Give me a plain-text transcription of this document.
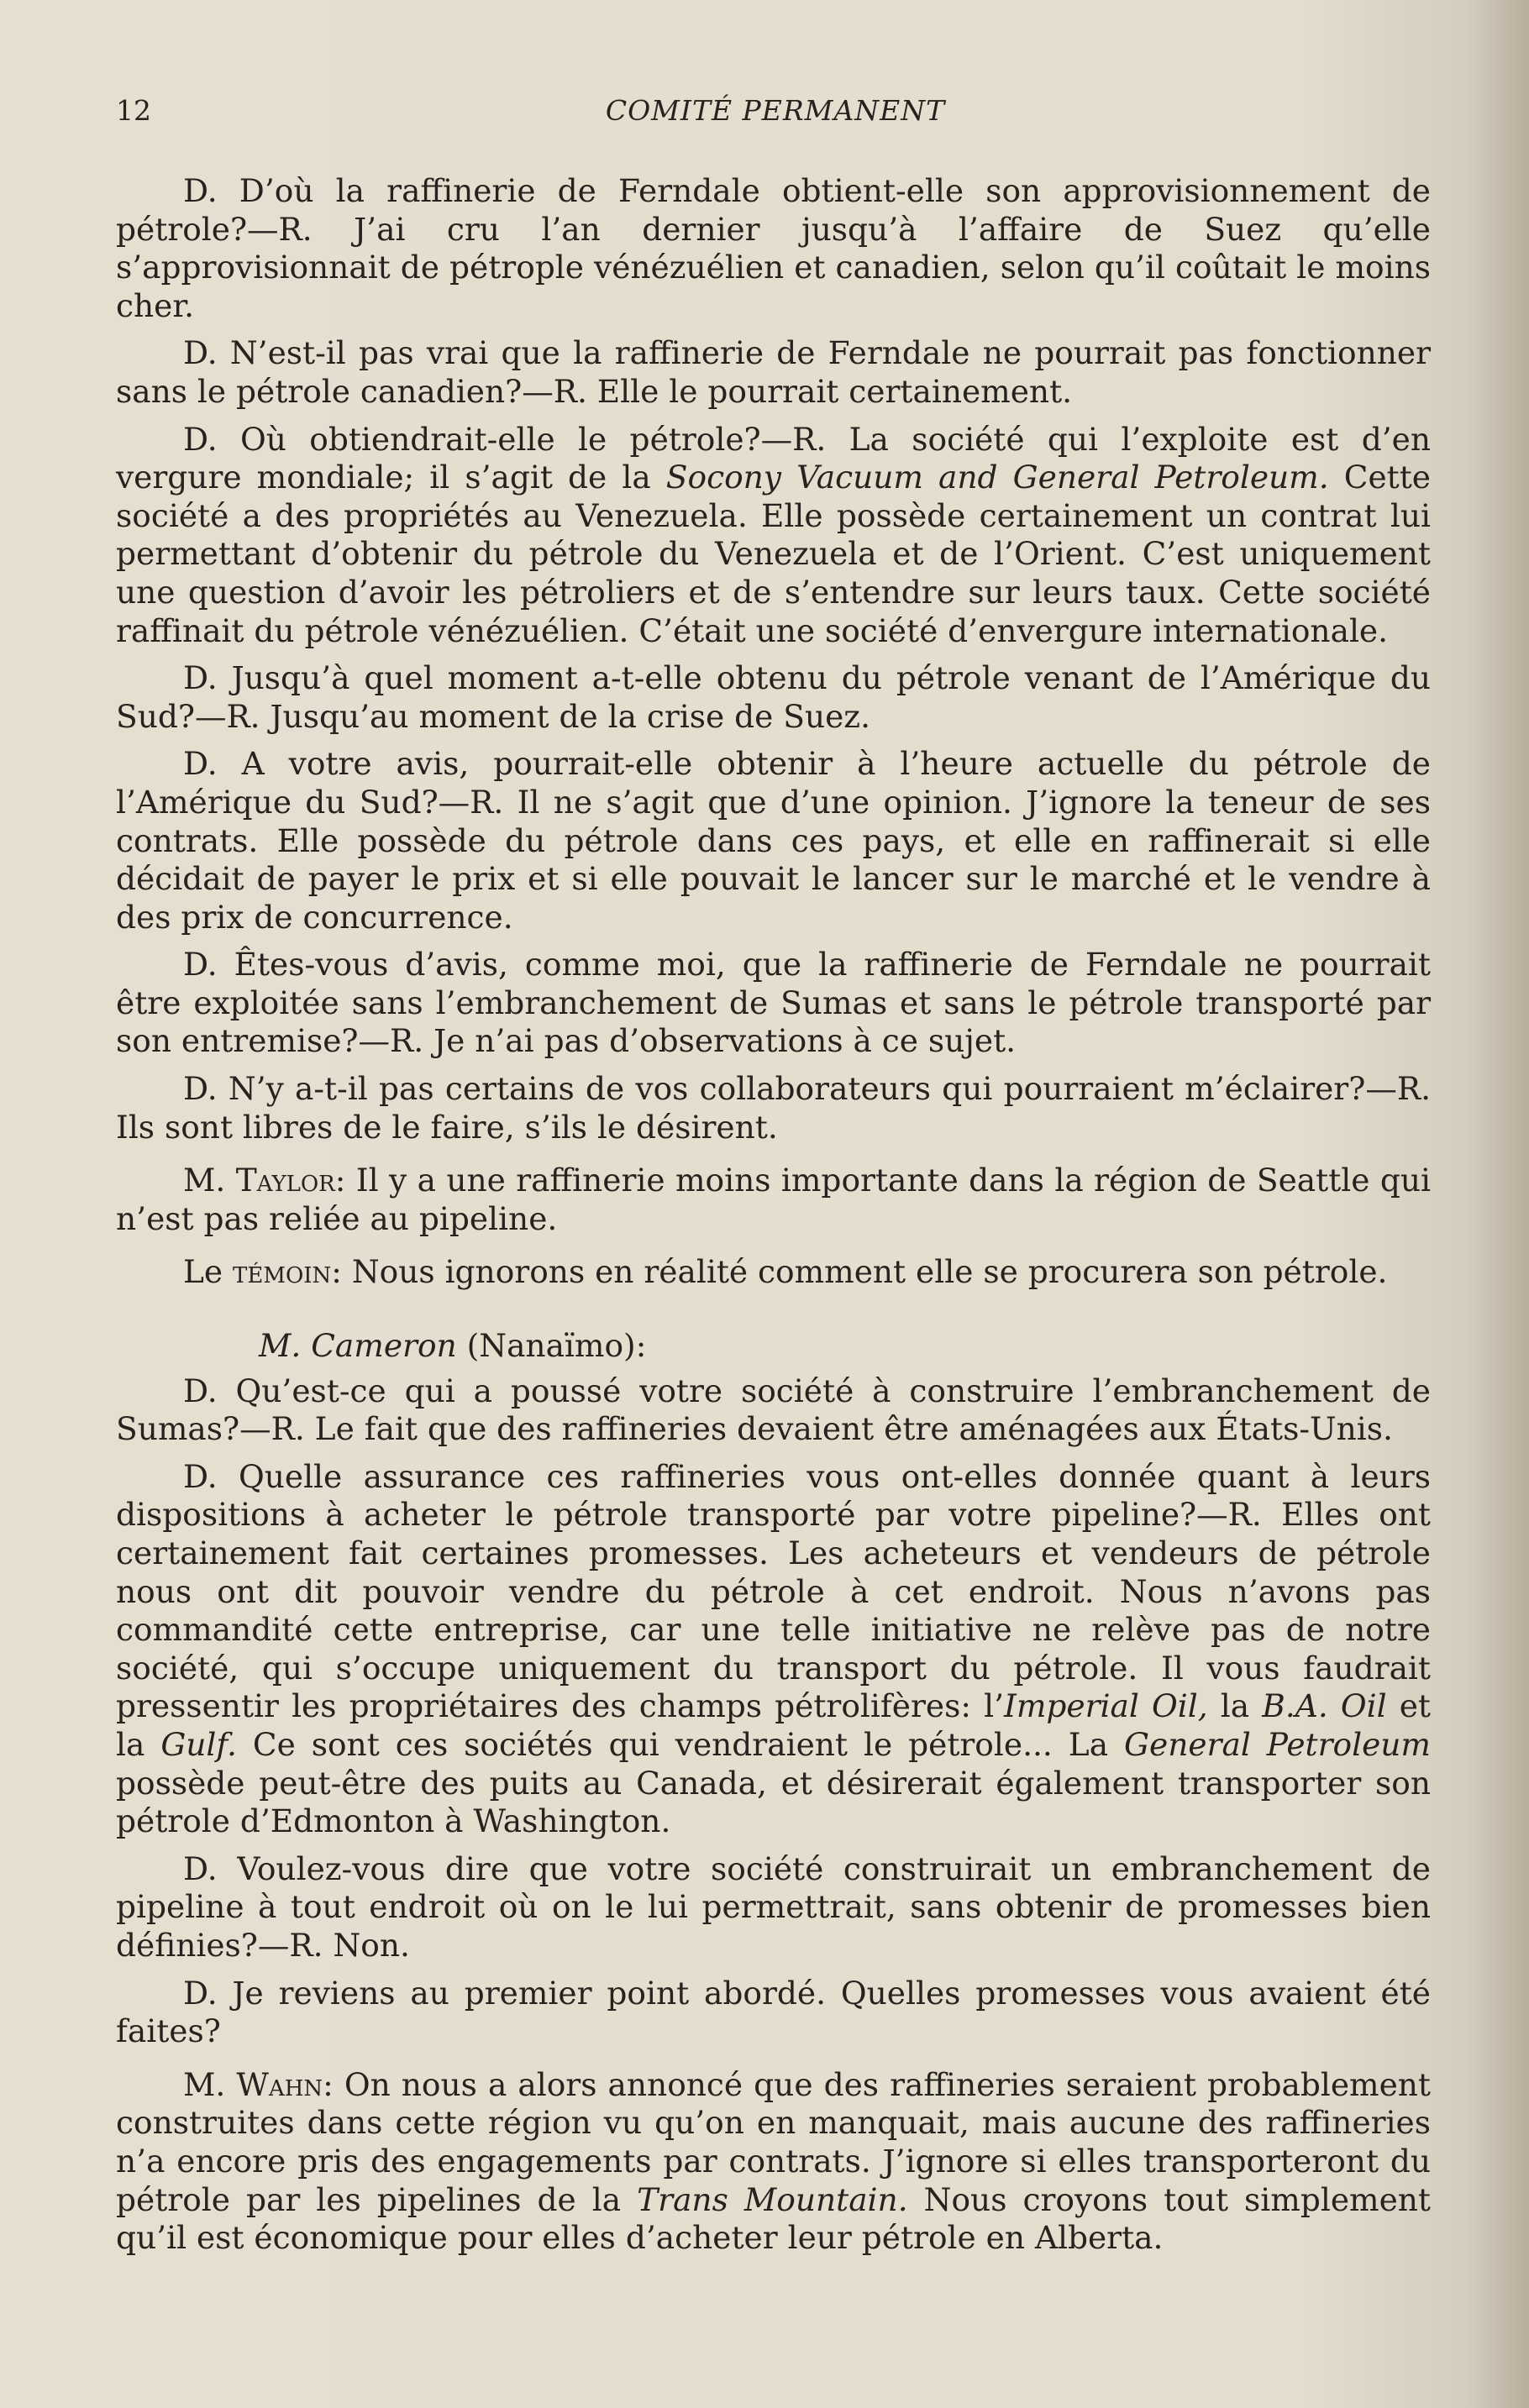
12	COMITÉ PERMANENT

D. D’où la raffinerie de Ferndale obtient-elle son approvisionnement de pétrole?—R. J’ai cru l’an dernier jusqu’à l’affaire de Suez qu’elle s’approvisionnait de pétrople vénézuélien et canadien, selon qu’il coûtait le moins cher.

D. N’est-il pas vrai que la raffinerie de Ferndale ne pourrait pas fonctionner sans le pétrole canadien?—R. Elle le pourrait certainement.

D. Où obtiendrait-elle le pétrole?—R. La société qui l’exploite est d’en vergure mondiale; il s’agit de la Socony Vacuum and General Petroleum. Cette société a des propriétés au Venezuela. Elle possède certainement un contrat lui permettant d’obtenir du pétrole du Venezuela et de l’Orient. C’est uniquement une question d’avoir les pétroliers et de s’entendre sur leurs taux. Cette société raffinait du pétrole vénézuélien. C’était une société d’envergure internationale.

D. Jusqu’à quel moment a-t-elle obtenu du pétrole venant de l’Amérique du Sud?—R. Jusqu’au moment de la crise de Suez.

D. A votre avis, pourrait-elle obtenir à l’heure actuelle du pétrole de l’Amérique du Sud?—R. Il ne s’agit que d’une opinion. J’ignore la teneur de ses contrats. Elle possède du pétrole dans ces pays, et elle en raffinerait si elle décidait de payer le prix et si elle pouvait le lancer sur le marché et le vendre à des prix de concurrence.

D. Êtes-vous d’avis, comme moi, que la raffinerie de Ferndale ne pourrait être exploitée sans l’embranchement de Sumas et sans le pétrole transporté par son entremise?—R. Je n’ai pas d’observations à ce sujet.

D. N’y a-t-il pas certains de vos collaborateurs qui pourraient m’éclairer?—R. Ils sont libres de le faire, s’ils le désirent.

M. Taylor: Il y a une raffinerie moins importante dans la région de Seattle qui n’est pas reliée au pipeline.

Le témoin: Nous ignorons en réalité comment elle se procurera son pétrole.

M. Cameron (Nanaïmo):

D. Qu’est-ce qui a poussé votre société à construire l’embranchement de Sumas?—R. Le fait que des raffineries devaient être aménagées aux États-Unis.

D. Quelle assurance ces raffineries vous ont-elles donnée quant à leurs dispositions à acheter le pétrole transporté par votre pipeline?—R. Elles ont certainement fait certaines promesses. Les acheteurs et vendeurs de pétrole nous ont dit pouvoir vendre du pétrole à cet endroit. Nous n’avons pas commandité cette entreprise, car une telle initiative ne relève pas de notre société, qui s’occupe uniquement du transport du pétrole. Il vous faudrait pressentir les propriétaires des champs pétrolifères: l’Imperial Oil, la B.A. Oil et la Gulf. Ce sont ces sociétés qui vendraient le pétrole... La General Petroleum possède peut-être des puits au Canada, et désirerait également transporter son pétrole d’Edmonton à Washington.

D. Voulez-vous dire que votre société construirait un embranchement de pipeline à tout endroit où on le lui permettrait, sans obtenir de promesses bien définies?—R. Non.

D. Je reviens au premier point abordé. Quelles promesses vous avaient été faites?

M. Wahn: On nous a alors annoncé que des raffineries seraient probablement construites dans cette région vu qu’on en manquait, mais aucune des raffineries n’a encore pris des engagements par contrats. J’ignore si elles transporteront du pétrole par les pipelines de la Trans Mountain. Nous croyons tout simplement qu’il est économique pour elles d’acheter leur pétrole en Alberta.
